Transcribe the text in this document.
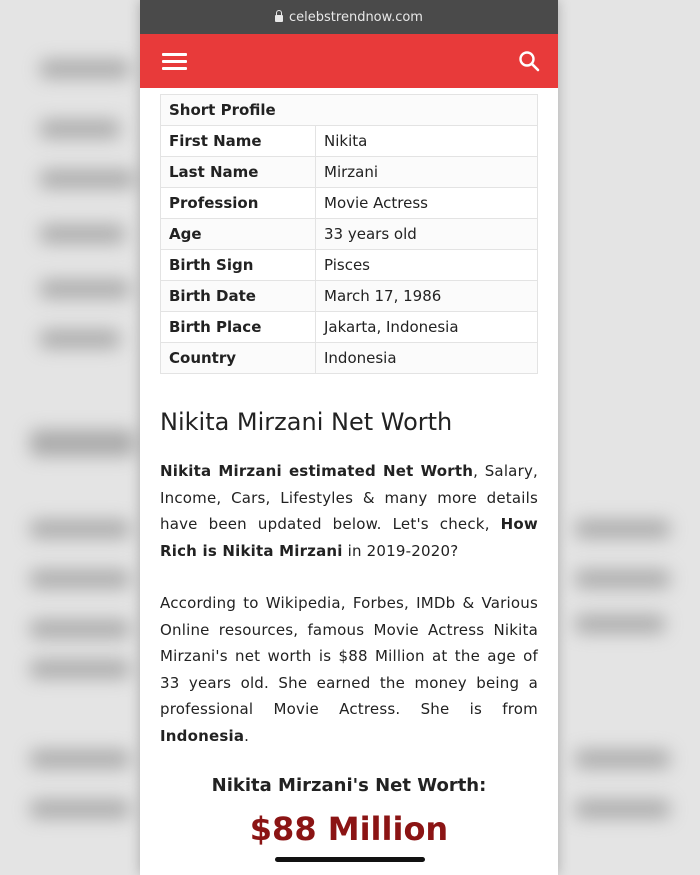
celebstrendnow.com
Short Profile	
First Name	Nikita
Last Name	Mirzani
Profession	Movie Actress
Age	33 years old
Birth Sign	Pisces
Birth Date	March 17, 1986
Birth Place	Jakarta, Indonesia
Country	Indonesia
Nikita Mirzani Net Worth

Nikita Mirzani estimated Net Worth, Salary, Income, Cars, Lifestyles & many more details have been updated below. Let's check, How Rich is Nikita Mirzani in 2019-2020?

According to Wikipedia, Forbes, IMDb & Various Online resources, famous Movie Actress Nikita Mirzani's net worth is $88 Million at the age of 33 years old. She earned the money being a professional Movie Actress. She is from Indonesia.

Nikita Mirzani's Net Worth:
$88 Million
